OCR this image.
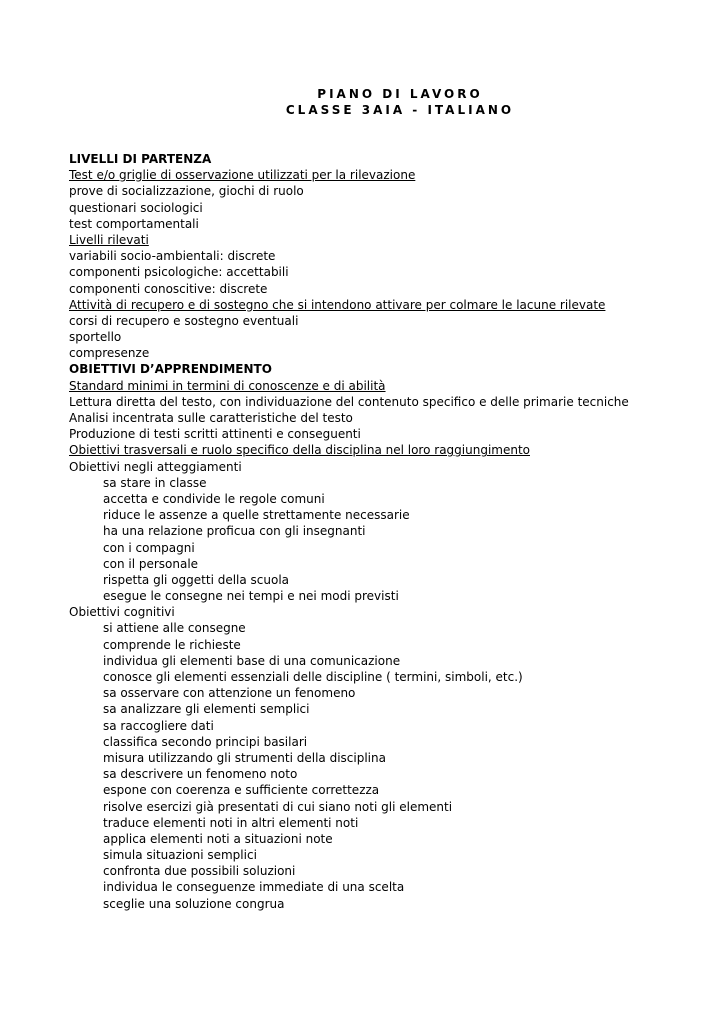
PIANO DI LAVORO
CLASSE 3AIA - ITALIANO
LIVELLI DI PARTENZA
Test e/o griglie di osservazione utilizzati per la rilevazione
prove di socializzazione, giochi di ruolo
questionari sociologici
test comportamentali
Livelli rilevati
variabili socio-ambientali: discrete
componenti psicologiche: accettabili
componenti conoscitive: discrete
Attività di recupero e di sostegno che si intendono attivare per colmare le lacune rilevate
corsi di recupero e sostegno eventuali
sportello
compresenze
OBIETTIVI D’APPRENDIMENTO
Standard minimi in termini di conoscenze e di abilità
Lettura diretta del testo, con individuazione del contenuto specifico e delle primarie tecniche
Analisi incentrata sulle caratteristiche del testo
Produzione di testi scritti attinenti e conseguenti
Obiettivi trasversali e ruolo specifico della disciplina nel loro raggiungimento
Obiettivi negli atteggiamenti
sa stare in classe
accetta e condivide le regole comuni
riduce le assenze a quelle strettamente necessarie
ha una relazione proficua con gli insegnanti
con i compagni
con il personale
rispetta gli oggetti della scuola
esegue le consegne nei tempi e nei modi previsti
Obiettivi cognitivi
si attiene alle consegne
comprende le richieste
individua gli elementi base di una comunicazione
conosce gli elementi essenziali delle discipline ( termini, simboli, etc.)
sa osservare con attenzione un fenomeno
sa analizzare gli elementi semplici
sa raccogliere dati
classifica secondo principi basilari
misura utilizzando gli strumenti della disciplina
sa descrivere un fenomeno noto
espone con coerenza e sufficiente correttezza
risolve esercizi già presentati di cui siano noti gli elementi
traduce elementi noti in altri elementi noti
applica elementi noti a situazioni note
simula situazioni semplici
confronta due possibili soluzioni
individua le conseguenze immediate di una scelta
sceglie una soluzione congrua
